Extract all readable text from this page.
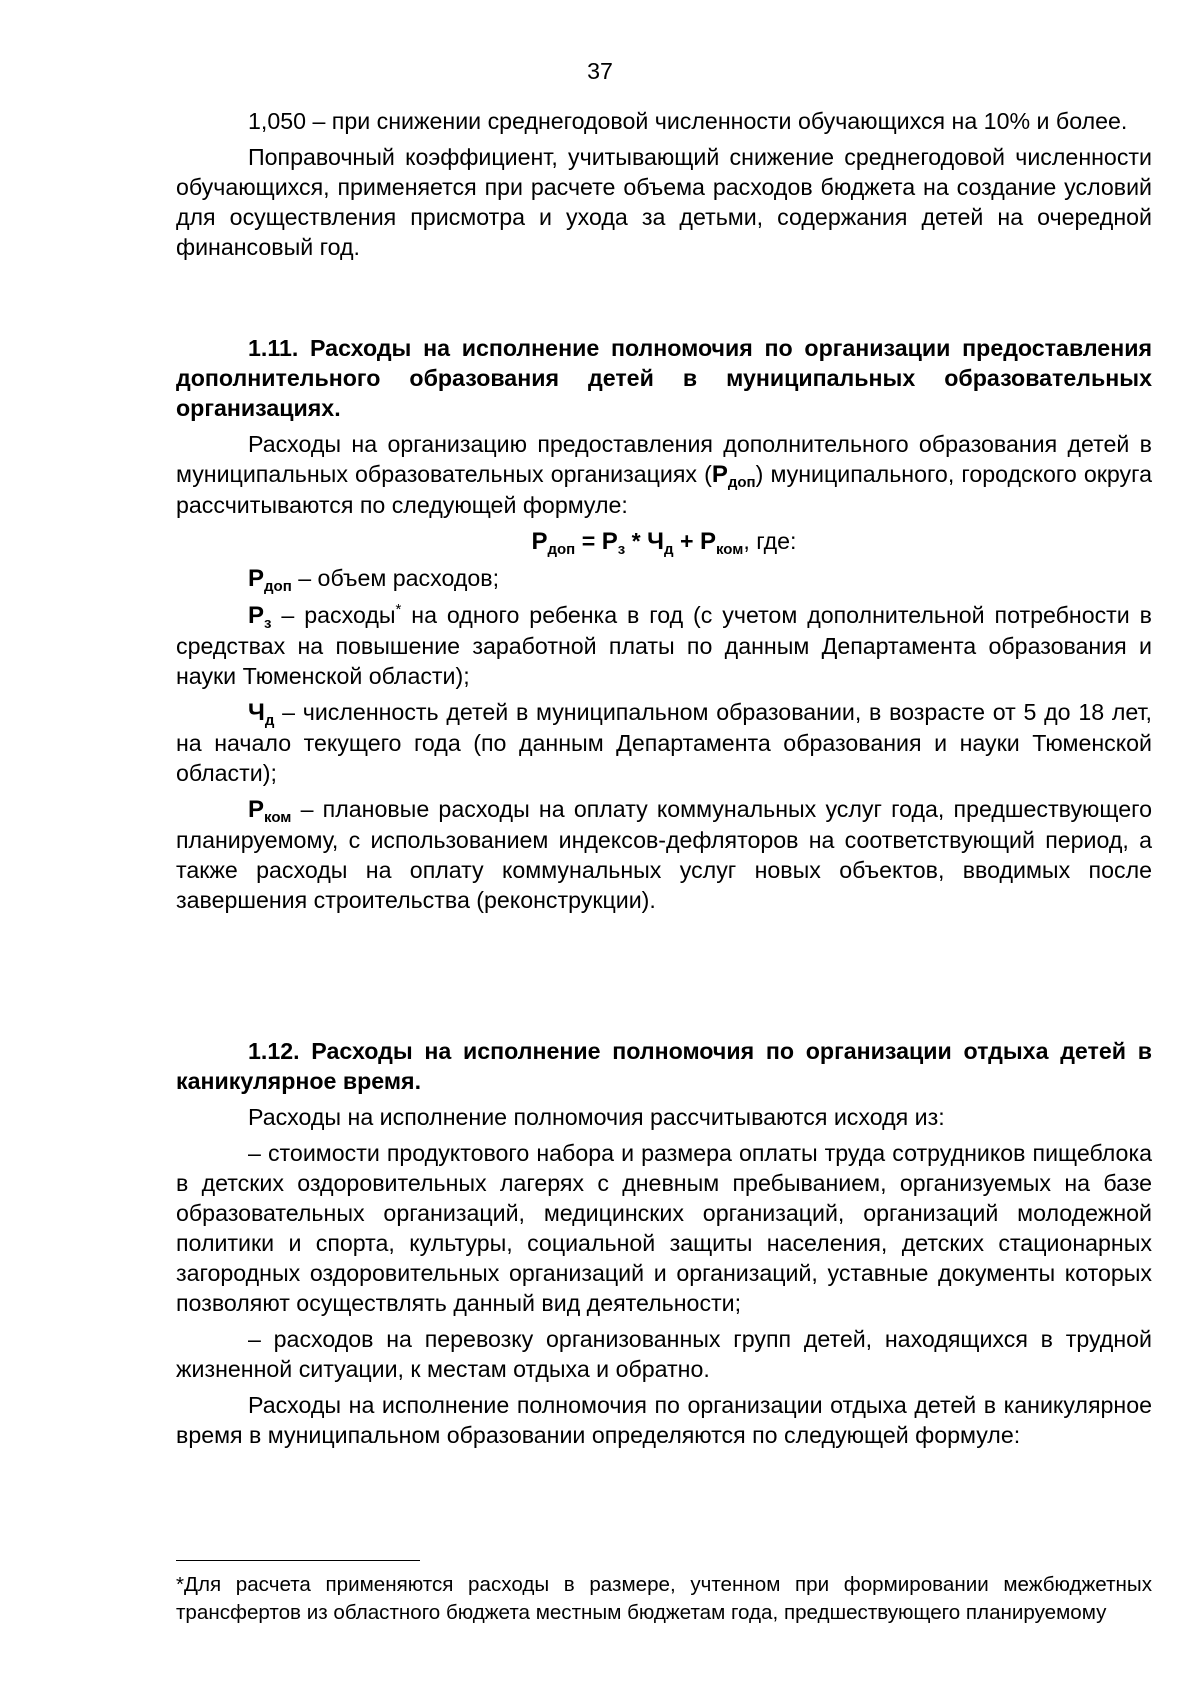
37

1,050 – при снижении среднегодовой численности обучающихся на 10% и более.

Поправочный коэффициент, учитывающий снижение среднегодовой численности обучающихся, применяется при расчете объема расходов бюджета на создание условий для осуществления присмотра и ухода за детьми, содержания детей на очередной финансовый год.

1.11. Расходы на исполнение полномочия по организации предоставления дополнительного образования детей в муниципальных образовательных организациях.

Расходы на организацию предоставления дополнительного образования детей в муниципальных образовательных организациях $(Р_{доп})$ муниципального, городского округа рассчитываются по следующей формуле:

$Р_{доп} = Р_з * Ч_д + Р_{ком}$, где:

$Р_{доп}$ – объем расходов;

$Р_з$ – расходы* на одного ребенка в год (с учетом дополнительной потребности в средствах на повышение заработной платы по данным Департамента образования и науки Тюменской области);

$Ч_д$ – численность детей в муниципальном образовании, в возрасте от 5 до 18 лет, на начало текущего года (по данным Департамента образования и науки Тюменской области);

$Р_{ком}$ – плановые расходы на оплату коммунальных услуг года, предшествующего планируемому, с использованием индексов-дефляторов на соответствующий период, а также расходы на оплату коммунальных услуг новых объектов, вводимых после завершения строительства (реконструкции).

1.12. Расходы на исполнение полномочия по организации отдыха детей в каникулярное время.

Расходы на исполнение полномочия рассчитываются исходя из:

– стоимости продуктового набора и размера оплаты труда сотрудников пищеблока в детских оздоровительных лагерях с дневным пребыванием, организуемых на базе образовательных организаций, медицинских организаций, организаций молодежной политики и спорта, культуры, социальной защиты населения, детских стационарных загородных оздоровительных организаций и организаций, уставные документы которых позволяют осуществлять данный вид деятельности;

– расходов на перевозку организованных групп детей, находящихся в трудной жизненной ситуации, к местам отдыха и обратно.

Расходы на исполнение полномочия по организации отдыха детей в каникулярное время в муниципальном образовании определяются по следующей формуле:

*Для расчета применяются расходы в размере, учтенном при формировании межбюджетных трансфертов из областного бюджета местным бюджетам года, предшествующего планируемому
